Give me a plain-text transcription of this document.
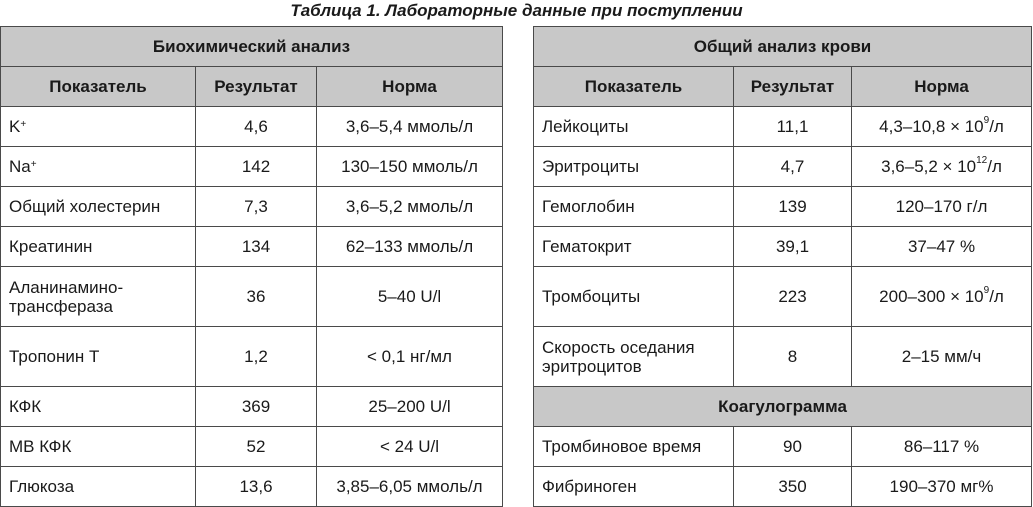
Таблица 1. Лабораторные данные при поступлении
Биохимический анализ		
Показатель	Результат	Норма
K+	4,6	3,6–5,4 ммоль/л
Na+	142	130–150 ммоль/л
Общий холестерин	7,3	3,6–5,2 ммоль/л
Креатинин	134	62–133 ммоль/л
Аланинамино-
трансфераза	36	5–40 U/l
Тропонин Т	1,2	< 0,1 нг/мл
КФК	369	25–200 U/l
MB КФК	52	< 24 U/l
Глюкоза	13,6	3,85–6,05 ммоль/л
Общий анализ крови		
Показатель	Результат	Норма
Лейкоциты	11,1	$4,3-10,8 \times 10^9/л$
Эритроциты	4,7	$3,6-5,2 \times 10^{12}/л$
Гемоглобин	139	120–170 г/л
Гематокрит	39,1	37–47 %
Тромбоциты	223	$200-300 \times 10^9/л$
Скорость оседания
эритроцитов	8	2–15 мм/ч
Коагулограмма		
Тромбиновое время	90	86–117 %
Фибриноген	350	190–370 мг%
